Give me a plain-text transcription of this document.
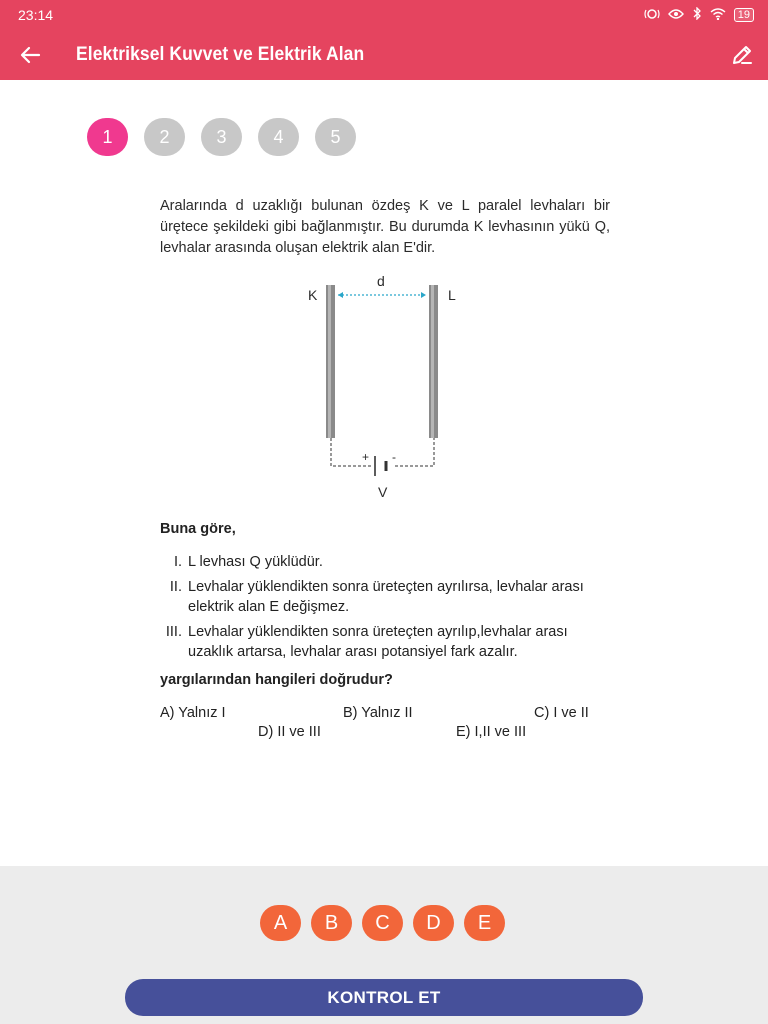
23:14	19
Elektriksel Kuvvet ve Elektrik Alan
1	2	3	4	5

Aralarında d uzaklığı bulunan özdeş K ve L paralel levhaları bir ürętece şekildeki gibi bağlanmıştır. Bu durumda K levhasının yükü Q, levhalar arasında oluşan elektrik alan E'dir.

K	L
d
+ -
V
Buna göre,
I. L levhası Q yüklüdür.
II. Levhalar yüklendikten sonra üreteçten ayrılırsa, levhalar arası elektrik alan E değişmez.
III. Levhalar yüklendikten sonra üreteçten ayrılıp,levhalar arası uzaklık artarsa, levhalar arası potansiyel fark azalır.
yargılarından hangileri doğrudur?
A) Yalnız I	B) Yalnız II	C) I ve II
D) II ve III	E) I,II ve III
A	B	C	D	E
KONTROL ET
